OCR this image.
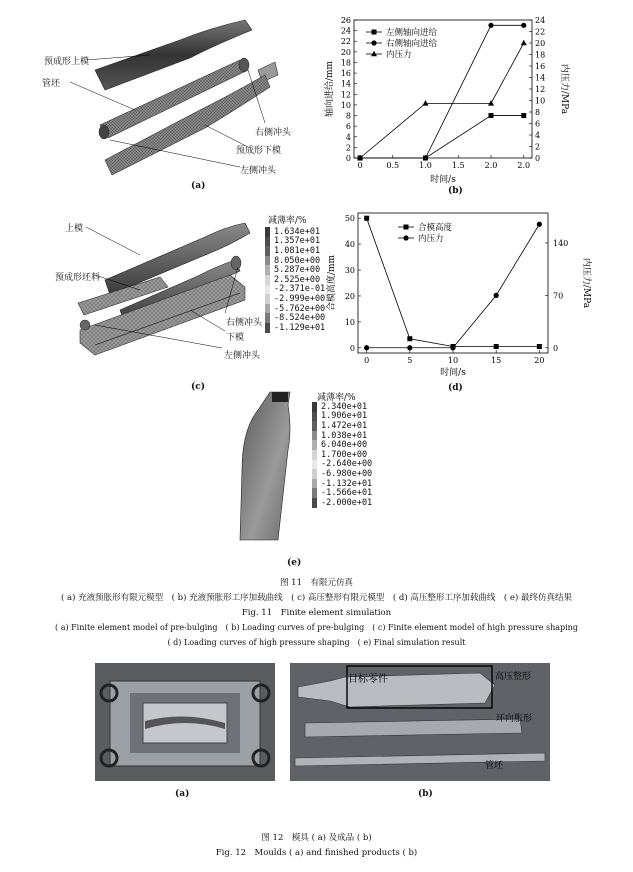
预成形上模
管坯
右侧冲头
预成形下模
左侧冲头
(a)
0	0.5	1.0	1.5	2.0	2.0
0
2
4
6
8
10
12
14
16
18
20
22
24
26
0
2
4
6
8
10
12
14
16
18
20
22
24
时间/s
轴向进给/mm	内压力/MPa
左侧轴向进给
右侧轴向进给
内压力
(b)
上模
预成形坯料
右侧冲头
下模
左侧冲头
减薄率/%
1.634e+01
1.357e+01
1.081e+01
8.050e+00
5.287e+00
2.525e+00
-2.371e-01
-2.999e+00
-5.762e+00
-8.524e+00
-1.129e+01
(c)
0	5	10	15	20
0
10
20
30
40
50
0
70
140
时间/s
合模高度/mm	内压力/MPa
合模高度
内压力
(d)
减薄率/%
2.340e+01
1.906e+01
1.472e+01
1.038e+01
6.040e+00
1.700e+00
-2.640e+00
-6.980e+00
-1.132e+01
-1.566e+01
-2.000e+01
(e)
图 11　有限元仿真
( a) 充液预胀形有限元模型　( b) 充液预胀形工序加载曲线　( c) 高压整形有限元模型　( d) 高压整形工序加载曲线　( e) 最终仿真结果
Fig. 11　Finite element simulation
( a) Finite element model of pre-bulging　( b) Loading curves of pre-bulging　( c) Finite element model of high pressure shaping
( d) Loading curves of high pressure shaping　( e) Final simulation result
(a)
目标零件	高压整形
环向胀形
管坯
(b)
图 12　模具 ( a) 及成品 ( b)
Fig. 12　Moulds ( a) and finished products ( b)
